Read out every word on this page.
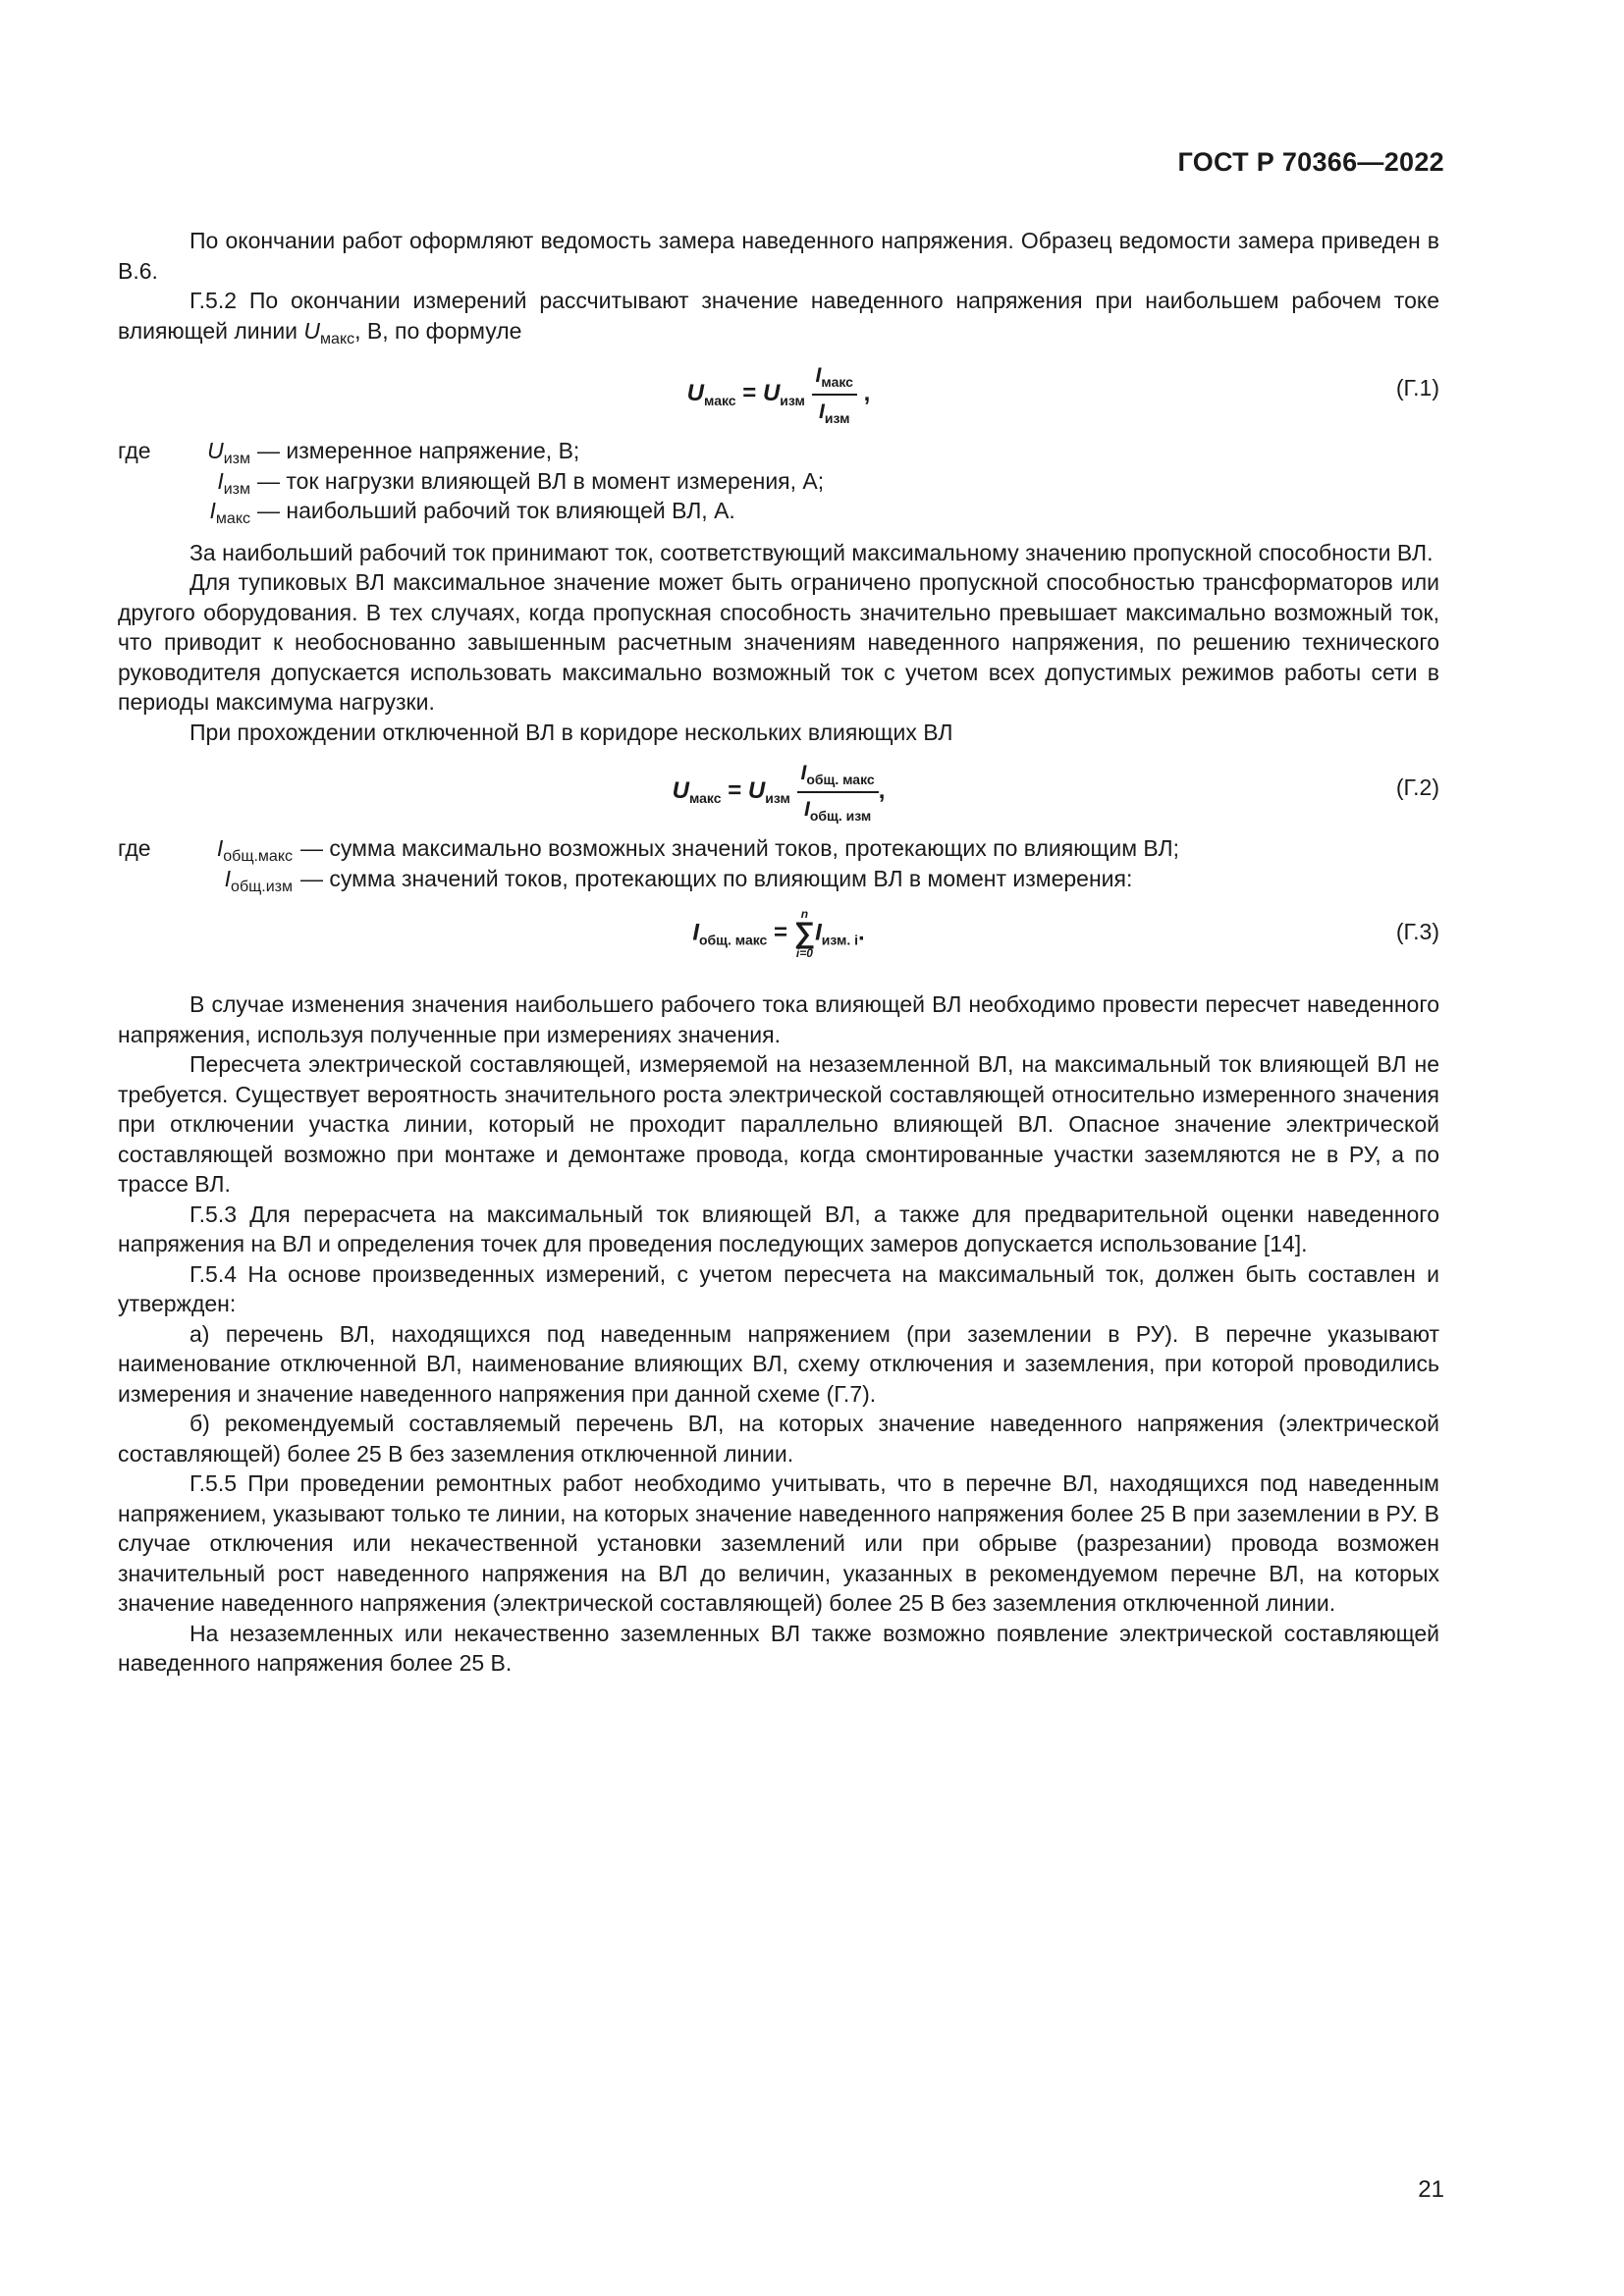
ГОСТ Р 70366—2022

По окончании работ оформляют ведомость замера наведенного напряжения. Образец ведомости замера приведен в В.6.

Г.5.2 По окончании измерений рассчитывают значение наведенного напряжения при наибольшем рабочем токе влияющей линии $U_{макс}$, В, по формуле

$U_{макс} = U_{изм} \frac{I_{макс}}{I_{изм}}$ ,	(Г.1)
где	$U_{изм}$ — измеренное напряжение, В;
$I_{изм}$ — ток нагрузки влияющей ВЛ в момент измерения, А;
$I_{макс}$ — наибольший рабочий ток влияющей ВЛ, А.

За наибольший рабочий ток принимают ток, соответствующий максимальному значению пропускной способности ВЛ.

Для тупиковых ВЛ максимальное значение может быть ограничено пропускной способностью трансформаторов или другого оборудования. В тех случаях, когда пропускная способность значительно превышает максимально возможный ток, что приводит к необоснованно завышенным расчетным значениям наведенного напряжения, по решению технического руководителя допускается использовать максимально возможный ток с учетом всех допустимых режимов работы сети в периоды максимума нагрузки.

При прохождении отключенной ВЛ в коридоре нескольких влияющих ВЛ

$U_{макс} = U_{изм} \frac{I_{общ. макс}}{I_{общ. изм}}$ ,	(Г.2)
где	$I_{общ.макс}$ — сумма максимально возможных значений токов, протекающих по влияющим ВЛ;
$I_{общ.изм}$ — сумма значений токов, протекающих по влияющим ВЛ в момент измерения:
$I_{общ. макс}$ =
n
∑
i=0
$I_{изм. i}$.	(Г.3)

В случае изменения значения наибольшего рабочего тока влияющей ВЛ необходимо провести пересчет наведенного напряжения, используя полученные при измерениях значения.

Пересчета электрической составляющей, измеряемой на незаземленной ВЛ, на максимальный ток влияющей ВЛ не требуется. Существует вероятность значительного роста электрической составляющей относительно измеренного значения при отключении участка линии, который не проходит параллельно влияющей ВЛ. Опасное значение электрической составляющей возможно при монтаже и демонтаже провода, когда смонтированные участки заземляются не в РУ, а по трассе ВЛ.

Г.5.3 Для перерасчета на максимальный ток влияющей ВЛ, а также для предварительной оценки наведенного напряжения на ВЛ и определения точек для проведения последующих замеров допускается использование [14].

Г.5.4 На основе произведенных измерений, с учетом пересчета на максимальный ток, должен быть составлен и утвержден:

а) перечень ВЛ, находящихся под наведенным напряжением (при заземлении в РУ). В перечне указывают наименование отключенной ВЛ, наименование влияющих ВЛ, схему отключения и заземления, при которой проводились измерения и значение наведенного напряжения при данной схеме (Г.7).

б) рекомендуемый составляемый перечень ВЛ, на которых значение наведенного напряжения (электрической составляющей) более 25 В без заземления отключенной линии.

Г.5.5 При проведении ремонтных работ необходимо учитывать, что в перечне ВЛ, находящихся под наведенным напряжением, указывают только те линии, на которых значение наведенного напряжения более 25 В при заземлении в РУ. В случае отключения или некачественной установки заземлений или при обрыве (разрезании) провода возможен значительный рост наведенного напряжения на ВЛ до величин, указанных в рекомендуемом перечне ВЛ, на которых значение наведенного напряжения (электрической составляющей) более 25 В без заземления отключенной линии.

На незаземленных или некачественно заземленных ВЛ также возможно появление электрической составляющей наведенного напряжения более 25 В.

21
